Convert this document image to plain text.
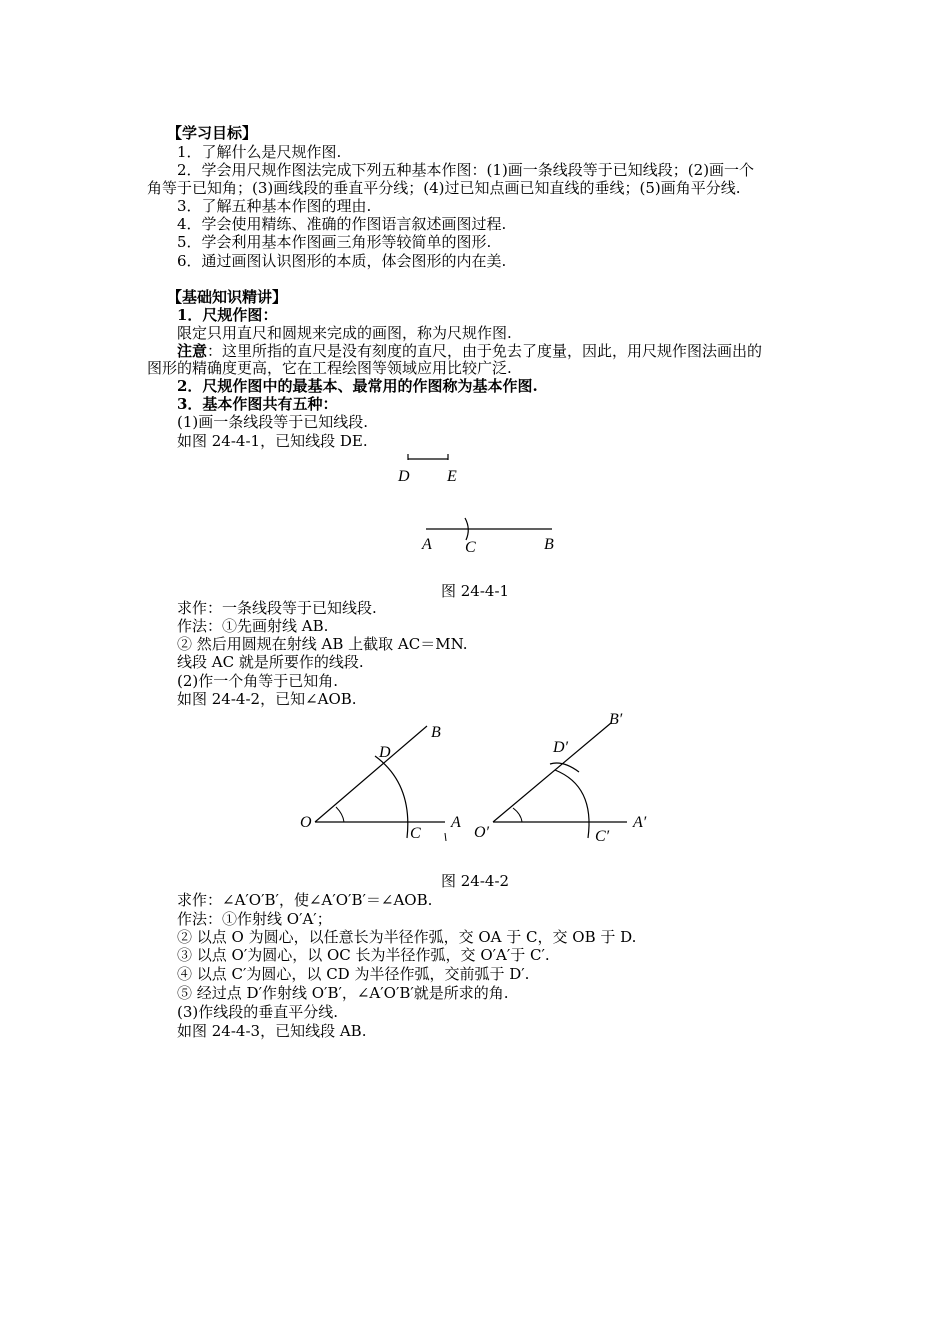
【学习目标】
1．了解什么是尺规作图.
2．学会用尺规作图法完成下列五种基本作图：(1)画一条线段等于已知线段；(2)画一个
角等于已知角；(3)画线段的垂直平分线；(4)过已知点画已知直线的垂线；(5)画角平分线.
3．了解五种基本作图的理由.
4．学会使用精练、准确的作图语言叙述画图过程.
5．学会利用基本作图画三角形等较简单的图形.
6．通过画图认识图形的本质，体会图形的内在美.
【基础知识精讲】
1．尺规作图：
限定只用直尺和圆规来完成的画图，称为尺规作图.
注意：这里所指的直尺是没有刻度的直尺，由于免去了度量，因此，用尺规作图法画出的
图形的精确度更高，它在工程绘图等领域应用比较广泛.
2．尺规作图中的最基本、最常用的作图称为基本作图.
3．基本作图共有五种：
(1)画一条线段等于已知线段.
如图 24-4-1，已知线段 DE.
D E
A C	B
图 24-4-1
求作：一条线段等于已知线段.
作法：①先画射线 AB.
② 然后用圆规在射线 AB 上截取 AC＝MN.
线段 AC 就是所要作的线段.
(2)作一个角等于已知角.
如图 24-4-2，已知∠AOB.
O
D
B
A
C	O′
D′
B′
A′
C′
图 24-4-2
求作：∠A′O′B′，使∠A′O′B′＝∠AOB.
作法：①作射线 O′A′；
② 以点 O 为圆心，以任意长为半径作弧，交 OA 于 C，交 OB 于 D.
③ 以点 O′为圆心，以 OC 长为半径作弧，交 O′A′于 C′.
④ 以点 C′为圆心，以 CD 为半径作弧，交前弧于 D′.
⑤ 经过点 D′作射线 O′B′，∠A′O′B′就是所求的角.
(3)作线段的垂直平分线.
如图 24-4-3，已知线段 AB.
